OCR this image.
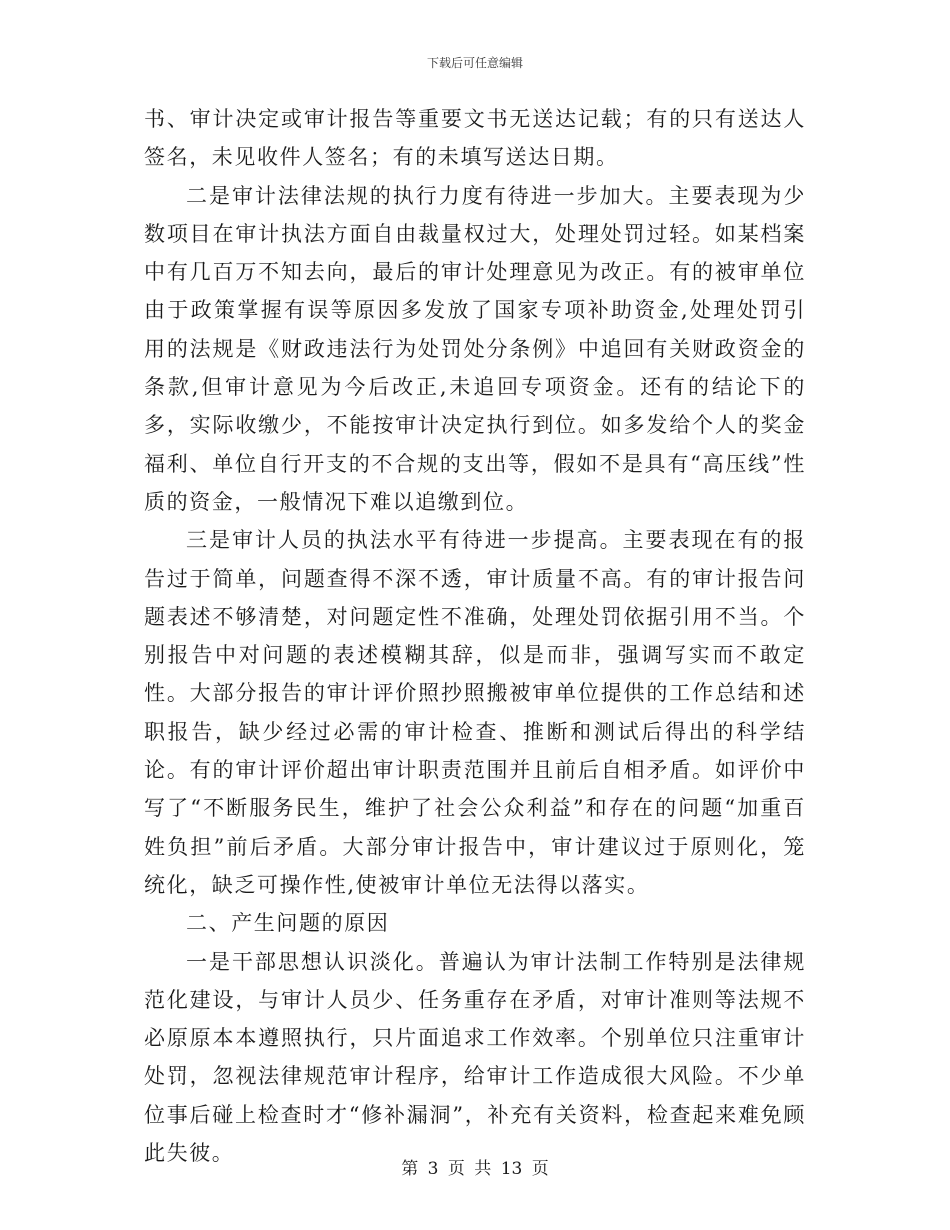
下载后可任意编辑

书、审计决定或审计报告等重要文书无送达记载；有的只有送达人签名，未见收件人签名；有的未填写送达日期。

二是审计法律法规的执行力度有待进一步加大。主要表现为少数项目在审计执法方面自由裁量权过大，处理处罚过轻。如某档案中有几百万不知去向，最后的审计处理意见为改正。有的被审单位由于政策掌握有误等原因多发放了国家专项补助资金,处理处罚引用的法规是《财政违法行为处罚处分条例》中追回有关财政资金的条款,但审计意见为今后改正,未追回专项资金。还有的结论下的多，实际收缴少，不能按审计决定执行到位。如多发给个人的奖金福利、单位自行开支的不合规的支出等，假如不是具有“高压线”性质的资金，一般情况下难以追缴到位。

三是审计人员的执法水平有待进一步提高。主要表现在有的报告过于简单，问题查得不深不透，审计质量不高。有的审计报告问题表述不够清楚，对问题定性不准确，处理处罚依据引用不当。个别报告中对问题的表述模糊其辞，似是而非，强调写实而不敢定性。大部分报告的审计评价照抄照搬被审单位提供的工作总结和述职报告，缺少经过必需的审计检查、推断和测试后得出的科学结论。有的审计评价超出审计职责范围并且前后自相矛盾。如评价中写了“不断服务民生，维护了社会公众利益”和存在的问题“加重百姓负担”前后矛盾。大部分审计报告中，审计建议过于原则化，笼统化，缺乏可操作性,使被审计单位无法得以落实。

二、产生问题的原因

一是干部思想认识淡化。普遍认为审计法制工作特别是法律规范化建设，与审计人员少、任务重存在矛盾，对审计准则等法规不必原原本本遵照执行，只片面追求工作效率。个别单位只注重审计处罚，忽视法律规范审计程序，给审计工作造成很大风险。不少单位事后碰上检查时才“修补漏洞”，补充有关资料，检查起来难免顾此失彼。

第 3 页 共 13 页
